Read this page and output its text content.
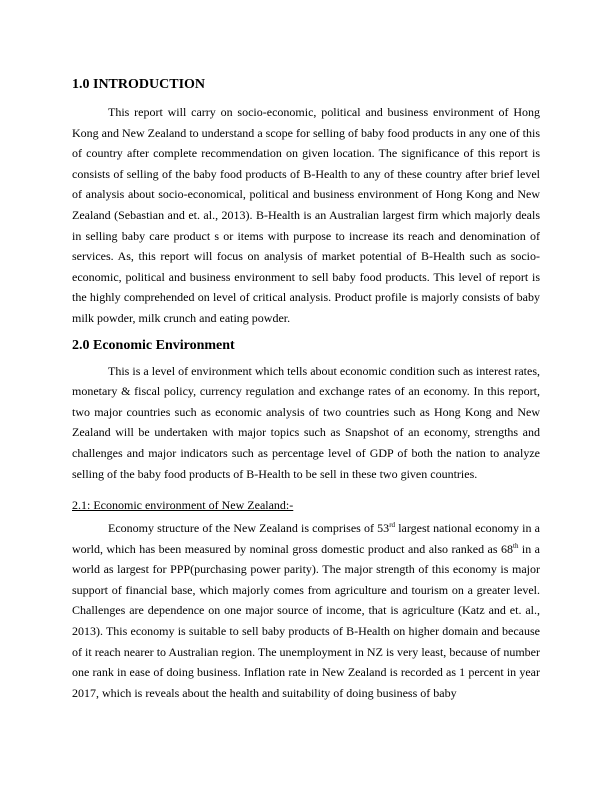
1.0 INTRODUCTION

This report will carry on socio-economic, political and business environment of Hong Kong and New Zealand to understand a scope for selling of baby food products in any one of this of country after complete recommendation on given location. The significance of this report is consists of selling of the baby food products of B-Health to any of these country after brief level of analysis about socio-economical, political and business environment of Hong Kong and New Zealand (Sebastian and et. al., 2013). B-Health is an Australian largest firm which majorly deals in selling baby care product s or items with purpose to increase its reach and denomination of services. As, this report will focus on analysis of market potential of B-Health such as socio-economic, political and business environment to sell baby food products. This level of report is the highly comprehended on level of critical analysis. Product profile is majorly consists of baby milk powder, milk crunch and eating powder.

2.0 Economic Environment

This is a level of environment which tells about economic condition such as interest rates, monetary & fiscal policy, currency regulation and exchange rates of an economy. In this report, two major countries such as economic analysis of two countries such as Hong Kong and New Zealand will be undertaken with major topics such as Snapshot of an economy, strengths and challenges and major indicators such as percentage level of GDP of both the nation to analyze selling of the baby food products of B-Health to be sell in these two given countries.

2.1: Economic environment of New Zealand:-

Economy structure of the New Zealand is comprises of 53rd largest national economy in a world, which has been measured by nominal gross domestic product and also ranked as 68th in a world as largest for PPP(purchasing power parity). The major strength of this economy is major support of financial base, which majorly comes from agriculture and tourism on a greater level. Challenges are dependence on one major source of income, that is agriculture (Katz and et. al., 2013). This economy is suitable to sell baby products of B-Health on higher domain and because of it reach nearer to Australian region. The unemployment in NZ is very least, because of number one rank in ease of doing business. Inflation rate in New Zealand is recorded as 1 percent in year 2017, which is reveals about the health and suitability of doing business of baby
